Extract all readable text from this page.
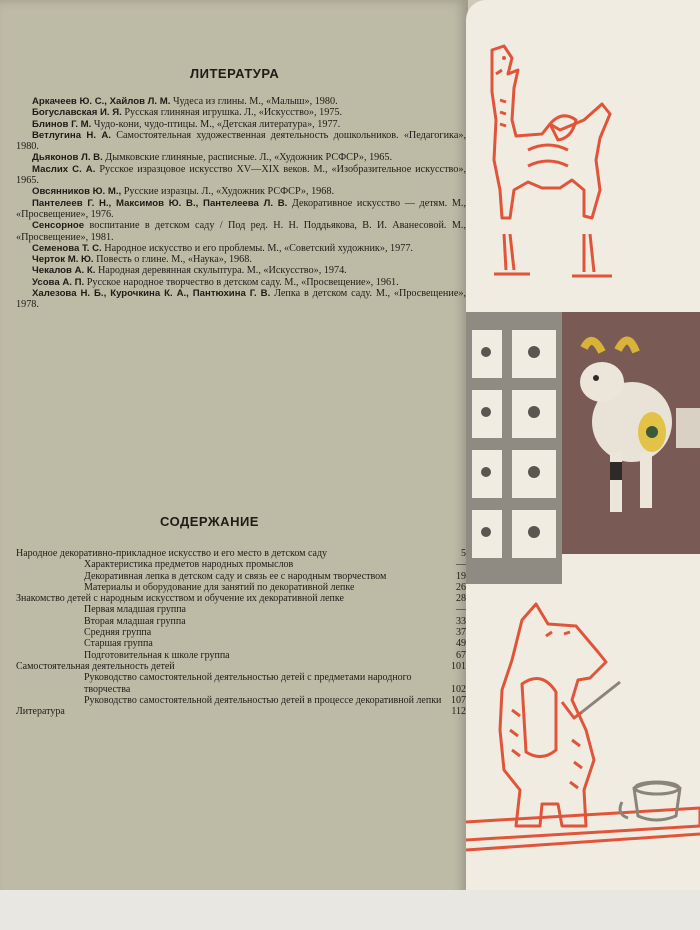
ЛИТЕРАТУРА

Аркачеев Ю. С., Хайлов Л. М. Чудеса из глины. М., «Малыш», 1980.

Богуславская И. Я. Русская глиняная игрушка. Л., «Искусство», 1975.

Блинов Г. М. Чудо-кони, чудо-птицы. М., «Детская литература», 1977.

Ветлугина Н. А. Самостоятельная художественная деятельность дошкольников. «Педагогика», 1980.

Дьяконов Л. В. Дымковские глиняные, расписные. Л., «Художник РСФСР», 1965.

Маслих С. А. Русское изразцовое искусство XV—XIX веков. М., «Изобразительное искусство», 1965.

Овсянников Ю. М., Русские изразцы. Л., «Художник РСФСР», 1968.

Пантелеев Г. Н., Максимов Ю. В., Пантелеева Л. В. Декоративное искусство — детям. М., «Просвещение», 1976.

Сенсорное воспитание в детском саду / Под ред. Н. Н. Поддьякова, В. И. Аванесовой. М., «Просвещение», 1981.

Семенова Т. С. Народное искусство и его проблемы. М., «Советский художник», 1977.

Черток М. Ю. Повесть о глине. М., «Наука», 1968.

Чекалов А. К. Народная деревянная скульптура. М., «Искусство», 1974.

Усова А. П. Русское народное творчество в детском саду. М., «Просвещение», 1961.

Халезова Н. Б., Курочкина К. А., Пантюхина Г. В. Лепка в детском саду. М., «Просвещение», 1978.

СОДЕРЖАНИЕ
Народное декоративно-прикладное искусство и его место в детском саду	5
Характеристика предметов народных промыслов	—
Декоративная лепка в детском саду и связь ее с народным творчеством	19
Материалы и оборудование для занятий по декоративной лепке	26
Знакомство детей с народным искусством и обучение их декоративной лепке	28
Первая младшая группа	—
Вторая младшая группа	33
Средняя группа	37
Старшая группа	49
Подготовительная к школе группа	67
Самостоятельная деятельность детей	101
Руководство самостоятельной деятельностью детей с предметами народного творчества	102
Руководство самостоятельной деятельностью детей в процессе декоративной лепки 107
Литература	112
